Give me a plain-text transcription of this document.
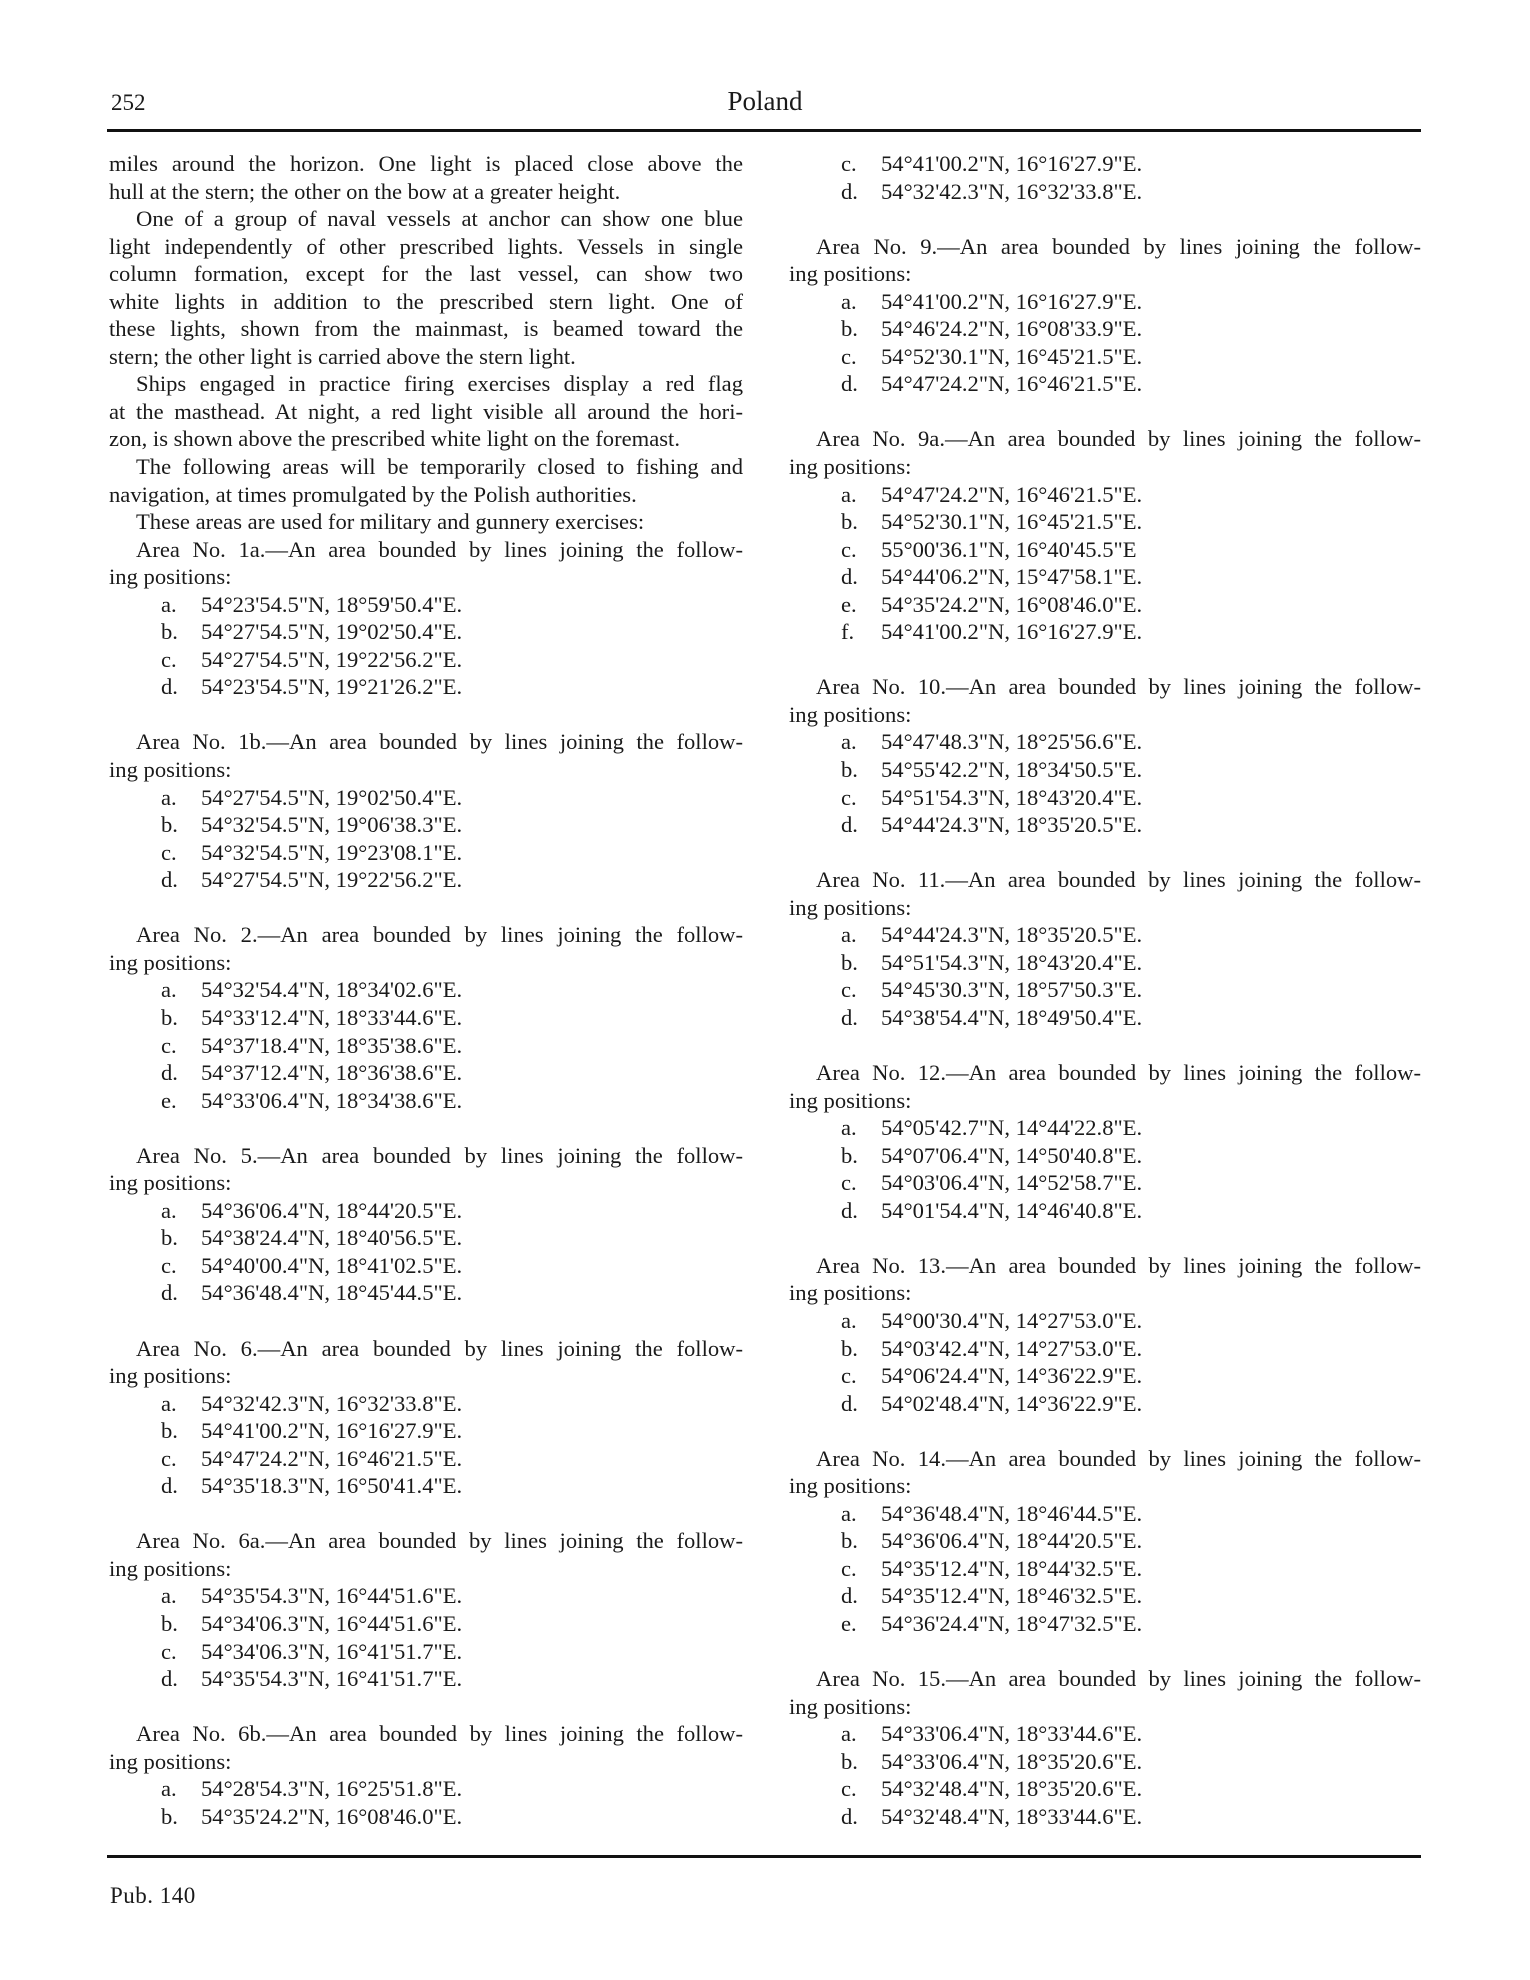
252	Poland
miles around the horizon. One light is placed close above the
hull at the stern; the other on the bow at a greater height.
One of a group of naval vessels at anchor can show one blue
light independently of other prescribed lights. Vessels in single
column formation, except for the last vessel, can show two
white lights in addition to the prescribed stern light. One of
these lights, shown from the mainmast, is beamed toward the
stern; the other light is carried above the stern light.
Ships engaged in practice firing exercises display a red flag
at the masthead. At night, a red light visible all around the hori-
zon, is shown above the prescribed white light on the foremast.
The following areas will be temporarily closed to fishing and
navigation, at times promulgated by the Polish authorities.
These areas are used for military and gunnery exercises:
Area No. 1a.—An area bounded by lines joining the follow-
ing positions:
a. 54°23'54.5"N, 18°59'50.4"E.
b. 54°27'54.5"N, 19°02'50.4"E.
c. 54°27'54.5"N, 19°22'56.2"E.
d. 54°23'54.5"N, 19°21'26.2"E.
Area No. 1b.—An area bounded by lines joining the follow-
ing positions:
a. 54°27'54.5"N, 19°02'50.4"E.
b. 54°32'54.5"N, 19°06'38.3"E.
c. 54°32'54.5"N, 19°23'08.1"E.
d. 54°27'54.5"N, 19°22'56.2"E.
Area No. 2.—An area bounded by lines joining the follow-
ing positions:
a. 54°32'54.4"N, 18°34'02.6"E.
b. 54°33'12.4"N, 18°33'44.6"E.
c. 54°37'18.4"N, 18°35'38.6"E.
d. 54°37'12.4"N, 18°36'38.6"E.
e. 54°33'06.4"N, 18°34'38.6"E.
Area No. 5.—An area bounded by lines joining the follow-
ing positions:
a. 54°36'06.4"N, 18°44'20.5"E.
b. 54°38'24.4"N, 18°40'56.5"E.
c. 54°40'00.4"N, 18°41'02.5"E.
d. 54°36'48.4"N, 18°45'44.5"E.
Area No. 6.—An area bounded by lines joining the follow-
ing positions:
a. 54°32'42.3"N, 16°32'33.8"E.
b. 54°41'00.2"N, 16°16'27.9"E.
c. 54°47'24.2"N, 16°46'21.5"E.
d. 54°35'18.3"N, 16°50'41.4"E.
Area No. 6a.—An area bounded by lines joining the follow-
ing positions:
a. 54°35'54.3"N, 16°44'51.6"E.
b. 54°34'06.3"N, 16°44'51.6"E.
c. 54°34'06.3"N, 16°41'51.7"E.
d. 54°35'54.3"N, 16°41'51.7"E.
Area No. 6b.—An area bounded by lines joining the follow-
ing positions:
a. 54°28'54.3"N, 16°25'51.8"E.
b. 54°35'24.2"N, 16°08'46.0"E.
c. 54°41'00.2"N, 16°16'27.9"E.
d. 54°32'42.3"N, 16°32'33.8"E.
Area No. 9.—An area bounded by lines joining the follow-
ing positions:
a. 54°41'00.2"N, 16°16'27.9"E.
b. 54°46'24.2"N, 16°08'33.9"E.
c. 54°52'30.1"N, 16°45'21.5"E.
d. 54°47'24.2"N, 16°46'21.5"E.
Area No. 9a.—An area bounded by lines joining the follow-
ing positions:
a. 54°47'24.2"N, 16°46'21.5"E.
b. 54°52'30.1"N, 16°45'21.5"E.
c. 55°00'36.1"N, 16°40'45.5"E
d. 54°44'06.2"N, 15°47'58.1"E.
e. 54°35'24.2"N, 16°08'46.0"E.
f. 54°41'00.2"N, 16°16'27.9"E.
Area No. 10.—An area bounded by lines joining the follow-
ing positions:
a. 54°47'48.3"N, 18°25'56.6"E.
b. 54°55'42.2"N, 18°34'50.5"E.
c. 54°51'54.3"N, 18°43'20.4"E.
d. 54°44'24.3"N, 18°35'20.5"E.
Area No. 11.—An area bounded by lines joining the follow-
ing positions:
a. 54°44'24.3"N, 18°35'20.5"E.
b. 54°51'54.3"N, 18°43'20.4"E.
c. 54°45'30.3"N, 18°57'50.3"E.
d. 54°38'54.4"N, 18°49'50.4"E.
Area No. 12.—An area bounded by lines joining the follow-
ing positions:
a. 54°05'42.7"N, 14°44'22.8"E.
b. 54°07'06.4"N, 14°50'40.8"E.
c. 54°03'06.4"N, 14°52'58.7"E.
d. 54°01'54.4"N, 14°46'40.8"E.
Area No. 13.—An area bounded by lines joining the follow-
ing positions:
a. 54°00'30.4"N, 14°27'53.0"E.
b. 54°03'42.4"N, 14°27'53.0"E.
c. 54°06'24.4"N, 14°36'22.9"E.
d. 54°02'48.4"N, 14°36'22.9"E.
Area No. 14.—An area bounded by lines joining the follow-
ing positions:
a. 54°36'48.4"N, 18°46'44.5"E.
b. 54°36'06.4"N, 18°44'20.5"E.
c. 54°35'12.4"N, 18°44'32.5"E.
d. 54°35'12.4"N, 18°46'32.5"E.
e. 54°36'24.4"N, 18°47'32.5"E.
Area No. 15.—An area bounded by lines joining the follow-
ing positions:
a. 54°33'06.4"N, 18°33'44.6"E.
b. 54°33'06.4"N, 18°35'20.6"E.
c. 54°32'48.4"N, 18°35'20.6"E.
d. 54°32'48.4"N, 18°33'44.6"E.
Pub. 140
